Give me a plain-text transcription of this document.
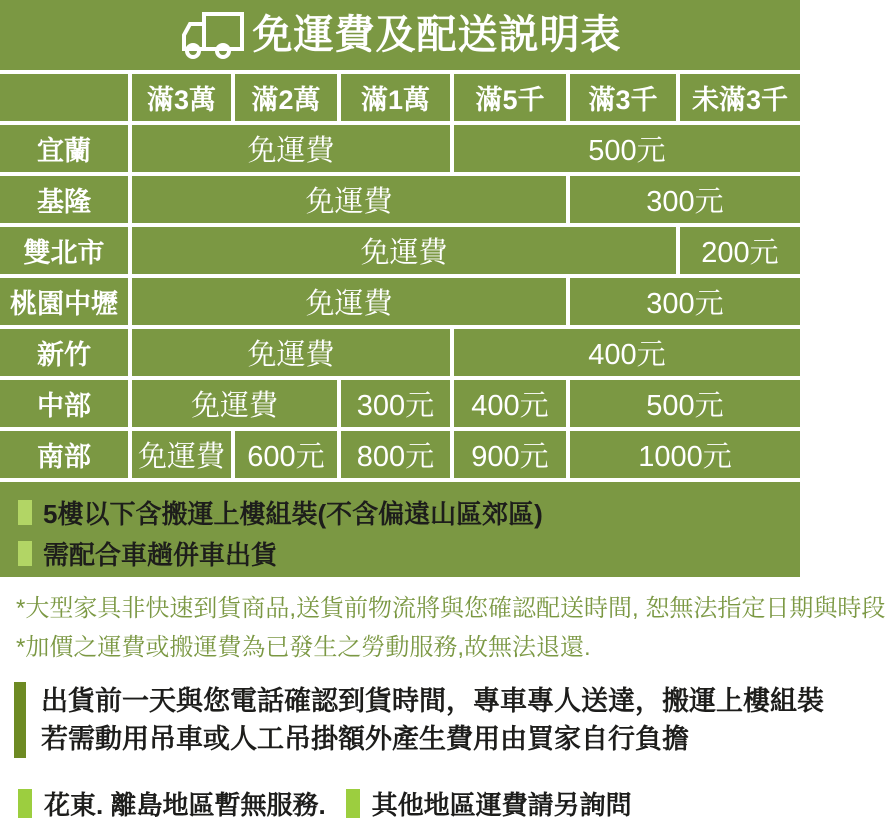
免運費及配送説明表
滿3萬	滿2萬	滿1萬	滿5千	滿3千	未滿3千
宜蘭	免運費	500元
基隆	免運費	300元
雙北市	免運費	200元
桃園中壢	免運費	300元
新竹	免運費	400元
中部	免運費	300元	400元	500元
南部	免運費 600元	800元	900元	1000元
5樓以下含搬運上樓組裝(不含偏遠山區郊區)
需配合車趟併車出貨
*大型家具非快速到貨商品,送貨前物流將與您確認配送時間, 恕無法指定日期與時段
*加價之運費或搬運費為已發生之勞動服務,故無法退還.
出貨前一天與您電話確認到貨時間，專車專人送達，搬運上樓組裝
若需動用吊車或人工吊掛額外產生費用由買家自行負擔
花東. 離島地區暫無服務. 其他地區運費請另詢問
